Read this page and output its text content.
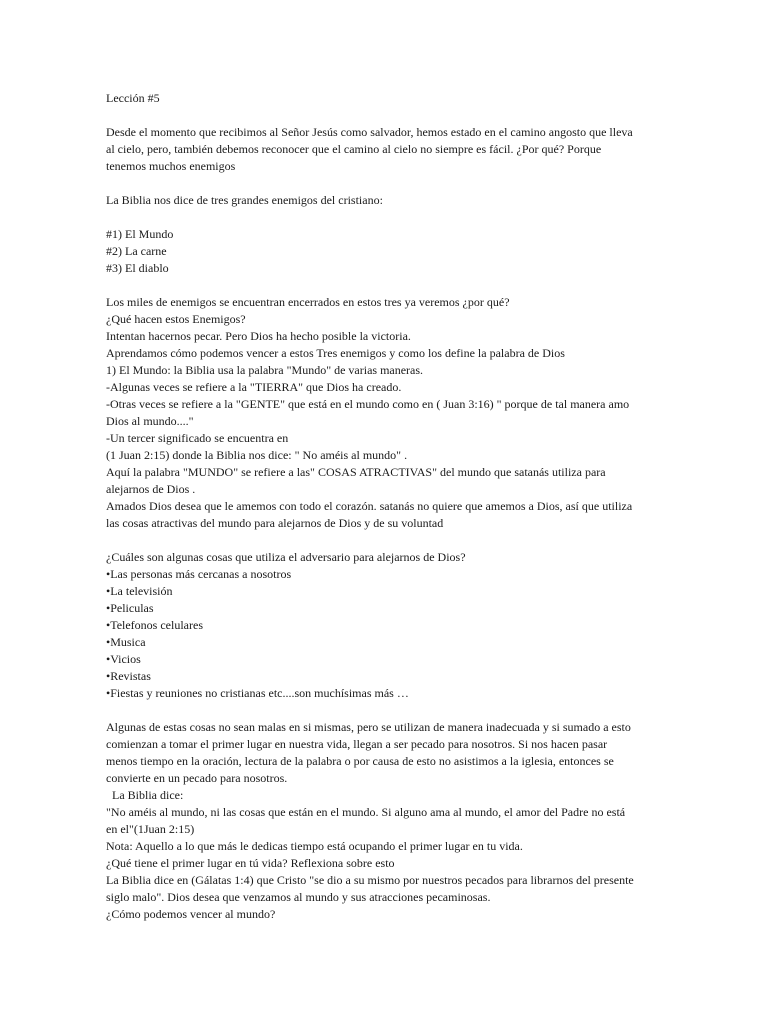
Lección #5
Desde el momento que recibimos al Señor Jesús como salvador, hemos estado en el camino angosto que lleva
al cielo, pero, también debemos reconocer que el camino al cielo no siempre es fácil. ¿Por qué? Porque
tenemos muchos enemigos
La Biblia nos dice de tres grandes enemigos del cristiano:
#1) El Mundo
#2) La carne
#3) El diablo
Los miles de enemigos se encuentran encerrados en estos tres ya veremos ¿por qué?
¿Qué hacen estos Enemigos?
Intentan hacernos pecar. Pero Dios ha hecho posible la victoria.
Aprendamos cómo podemos vencer a estos Tres enemigos y como los define la palabra de Dios
1) El Mundo: la Biblia usa la palabra "Mundo" de varias maneras.
-Algunas veces se refiere a la "TIERRA" que Dios ha creado.
-Otras veces se refiere a la "GENTE" que está en el mundo como en ( Juan 3:16) " porque de tal manera amo
Dios al mundo...."
-Un tercer significado se encuentra en
(1 Juan 2:15) donde la Biblia nos dice: " No améis al mundo" .
Aquí la palabra "MUNDO" se refiere a las" COSAS ATRACTIVAS" del mundo que satanás utiliza para
alejarnos de Dios .
Amados Dios desea que le amemos con todo el corazón. satanás no quiere que amemos a Dios, así que utiliza
las cosas atractivas del mundo para alejarnos de Dios y de su voluntad
¿Cuáles son algunas cosas que utiliza el adversario para alejarnos de Dios?
•Las personas más cercanas a nosotros
•La televisión
•Peliculas
•Telefonos celulares
•Musica
•Vicios
•Revistas
•Fiestas y reuniones no cristianas etc....son muchísimas más …
Algunas de estas cosas no sean malas en si mismas, pero se utilizan de manera inadecuada y si sumado a esto
comienzan a tomar el primer lugar en nuestra vida, llegan a ser pecado para nosotros. Si nos hacen pasar
menos tiempo en la oración, lectura de la palabra o por causa de esto no asistimos a la iglesia, entonces se
convierte en un pecado para nosotros.
La Biblia dice:
"No améis al mundo, ni las cosas que están en el mundo. Si alguno ama al mundo, el amor del Padre no está
en el"(1Juan 2:15)
Nota: Aquello a lo que más le dedicas tiempo está ocupando el primer lugar en tu vida.
¿Qué tiene el primer lugar en tú vida? Reflexiona sobre esto
La Biblia dice en (Gálatas 1:4) que Cristo "se dio a su mismo por nuestros pecados para librarnos del presente
siglo malo". Dios desea que venzamos al mundo y sus atracciones pecaminosas.
¿Cómo podemos vencer al mundo?
